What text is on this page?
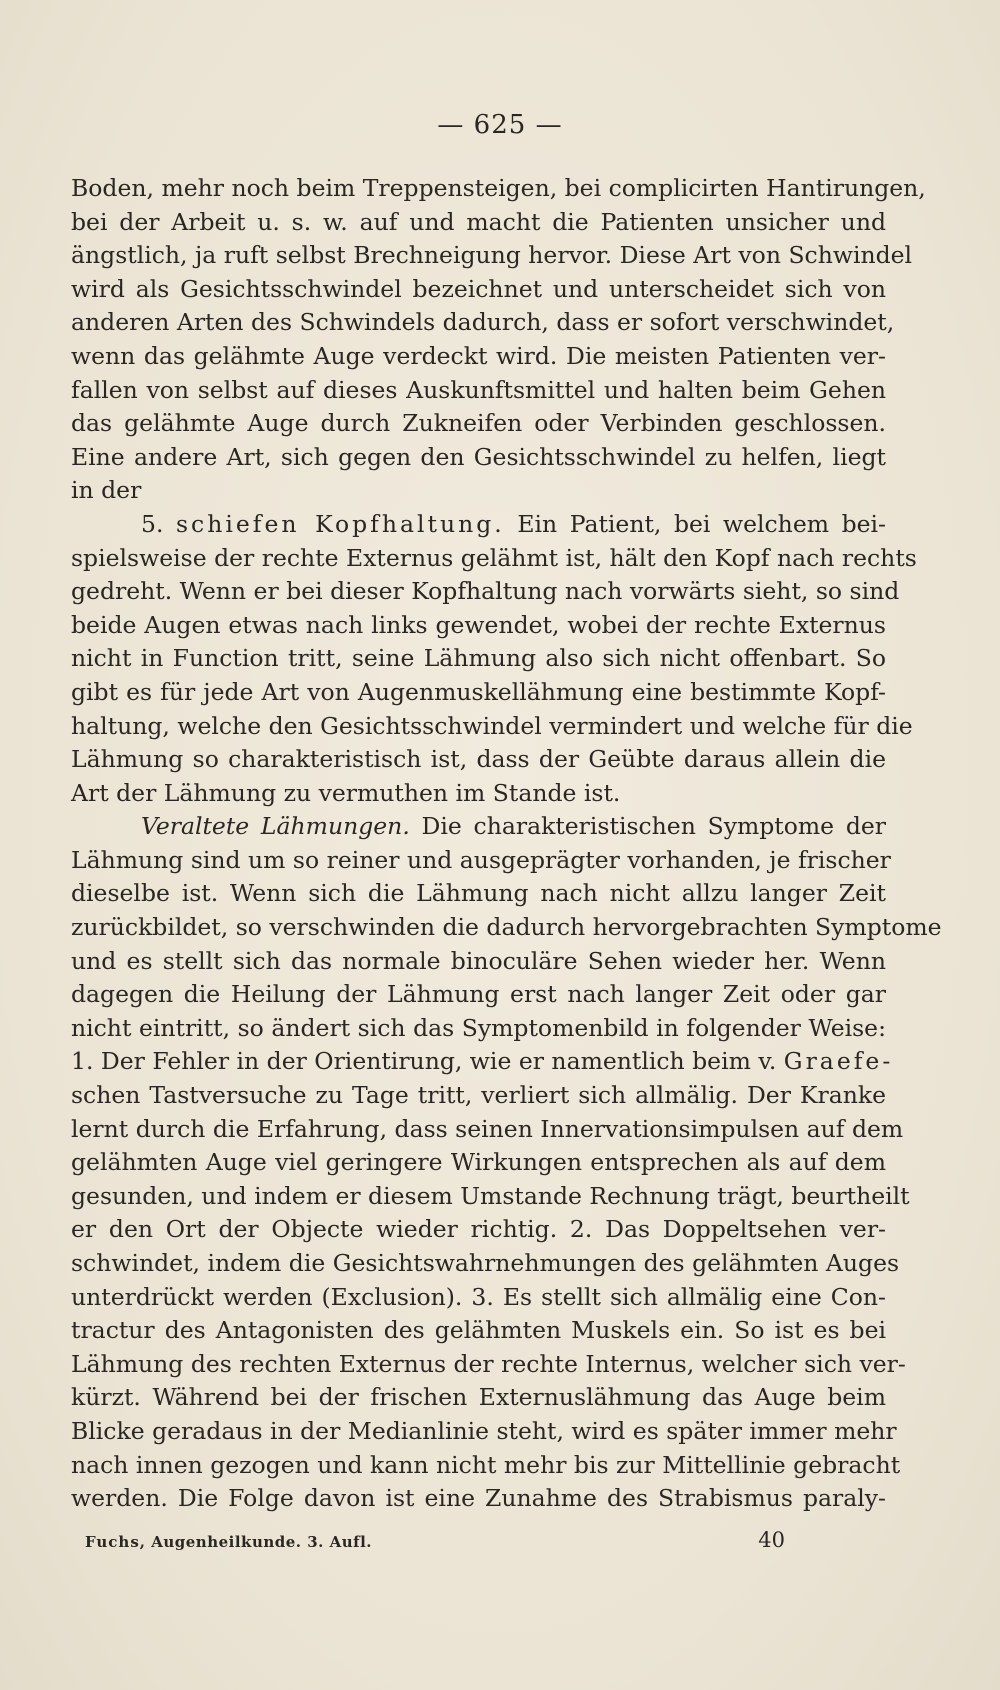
— 625 —
Boden, mehr noch beim Treppensteigen, bei complicirten Hantirungen,
bei der Arbeit u. s. w. auf und macht die Patienten unsicher und
ängstlich, ja ruft selbst Brechneigung hervor. Diese Art von Schwindel
wird als Gesichtsschwindel bezeichnet und unterscheidet sich von
anderen Arten des Schwindels dadurch, dass er sofort verschwindet,
wenn das gelähmte Auge verdeckt wird. Die meisten Patienten ver-
fallen von selbst auf dieses Auskunftsmittel und halten beim Gehen
das gelähmte Auge durch Zukneifen oder Verbinden geschlossen.
Eine andere Art, sich gegen den Gesichtsschwindel zu helfen, liegt
in der
5. schiefen Kopfhaltung. Ein Patient, bei welchem bei-
spielsweise der rechte Externus gelähmt ist, hält den Kopf nach rechts
gedreht. Wenn er bei dieser Kopfhaltung nach vorwärts sieht, so sind
beide Augen etwas nach links gewendet, wobei der rechte Externus
nicht in Function tritt, seine Lähmung also sich nicht offenbart. So
gibt es für jede Art von Augenmuskellähmung eine bestimmte Kopf-
haltung, welche den Gesichtsschwindel vermindert und welche für die
Lähmung so charakteristisch ist, dass der Geübte daraus allein die
Art der Lähmung zu vermuthen im Stande ist.
Veraltete Lähmungen. Die charakteristischen Symptome der
Lähmung sind um so reiner und ausgeprägter vorhanden, je frischer
dieselbe ist. Wenn sich die Lähmung nach nicht allzu langer Zeit
zurückbildet, so verschwinden die dadurch hervorgebrachten Symptome
und es stellt sich das normale binoculäre Sehen wieder her. Wenn
dagegen die Heilung der Lähmung erst nach langer Zeit oder gar
nicht eintritt, so ändert sich das Symptomenbild in folgender Weise:
1. Der Fehler in der Orientirung, wie er namentlich beim v. Graefe-
schen Tastversuche zu Tage tritt, verliert sich allmälig. Der Kranke
lernt durch die Erfahrung, dass seinen Innervationsimpulsen auf dem
gelähmten Auge viel geringere Wirkungen entsprechen als auf dem
gesunden, und indem er diesem Umstande Rechnung trägt, beurtheilt
er den Ort der Objecte wieder richtig. 2. Das Doppeltsehen ver-
schwindet, indem die Gesichtswahrnehmungen des gelähmten Auges
unterdrückt werden (Exclusion). 3. Es stellt sich allmälig eine Con-
tractur des Antagonisten des gelähmten Muskels ein. So ist es bei
Lähmung des rechten Externus der rechte Internus, welcher sich ver-
kürzt. Während bei der frischen Externuslähmung das Auge beim
Blicke geradaus in der Medianlinie steht, wird es später immer mehr
nach innen gezogen und kann nicht mehr bis zur Mittellinie gebracht
werden. Die Folge davon ist eine Zunahme des Strabismus paraly-
Fuchs, Augenheilkunde. 3. Aufl.	40
